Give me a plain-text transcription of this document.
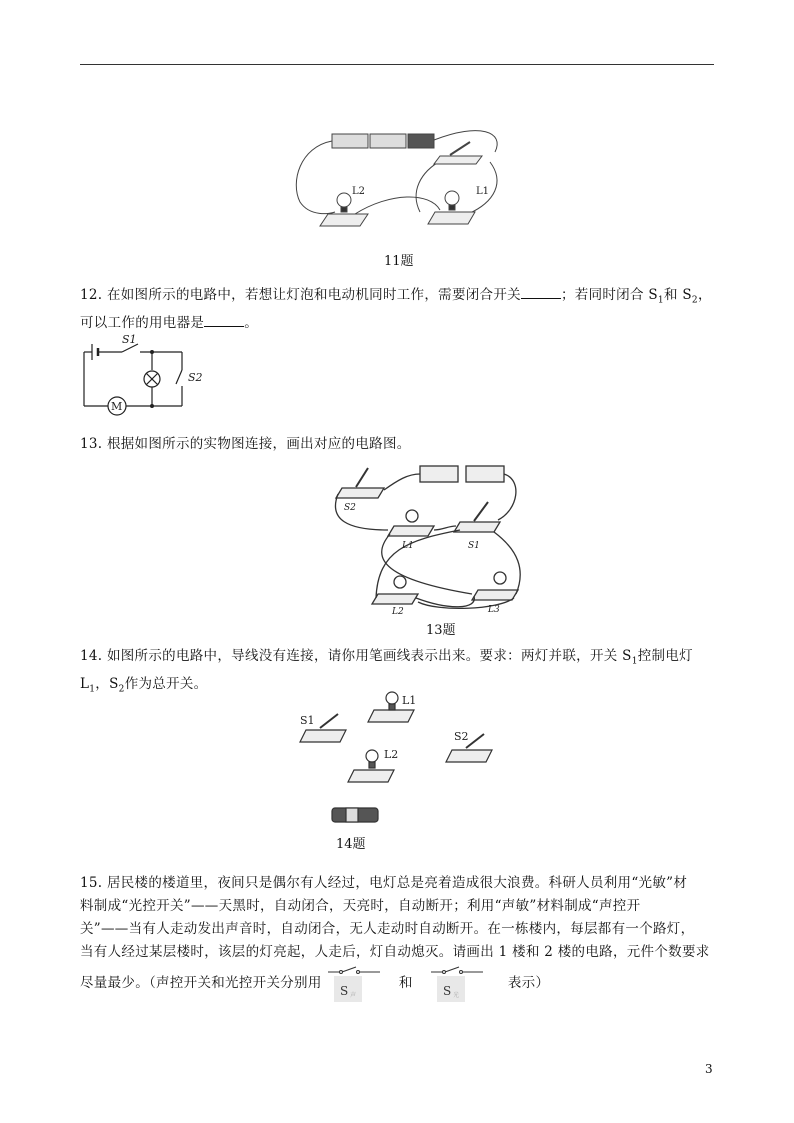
L2	L1
11题
12. 在如图所示的电路中，若想让灯泡和电动机同时工作，需要闭合开关	；若同时闭合 $S_1$和 $S_2$，
可以工作的用电器是	。
S1
S2
M
13. 根据如图所示的实物图连接，画出对应的电路图。
S2
L1	S1
L2	L3
13题
14. 如图所示的电路中，导线没有连接，请你用笔画线表示出来。要求：两灯并联，开关 $S_1$控制电灯
$L_1$，$S_2$作为总开关。
S1
L1
S2
L2
14题
15. 居民楼的楼道里，夜间只是偶尔有人经过，电灯总是亮着造成很大浪费。科研人员利用“光敏”材
料制成“光控开关”——天黑时，自动闭合，天亮时，自动断开；利用“声敏”材料制成“声控开
关”——当有人走动发出声音时，自动闭合，无人走动时自动断开。在一栋楼内，每层都有一个路灯，
当有人经过某层楼时，该层的灯亮起，人走后，灯自动熄灭。请画出 1 楼和 2 楼的电路，元件个数要求
尽量最少。（声控开关和光控开关分别用 S 声
和	S 光
表示）
3
